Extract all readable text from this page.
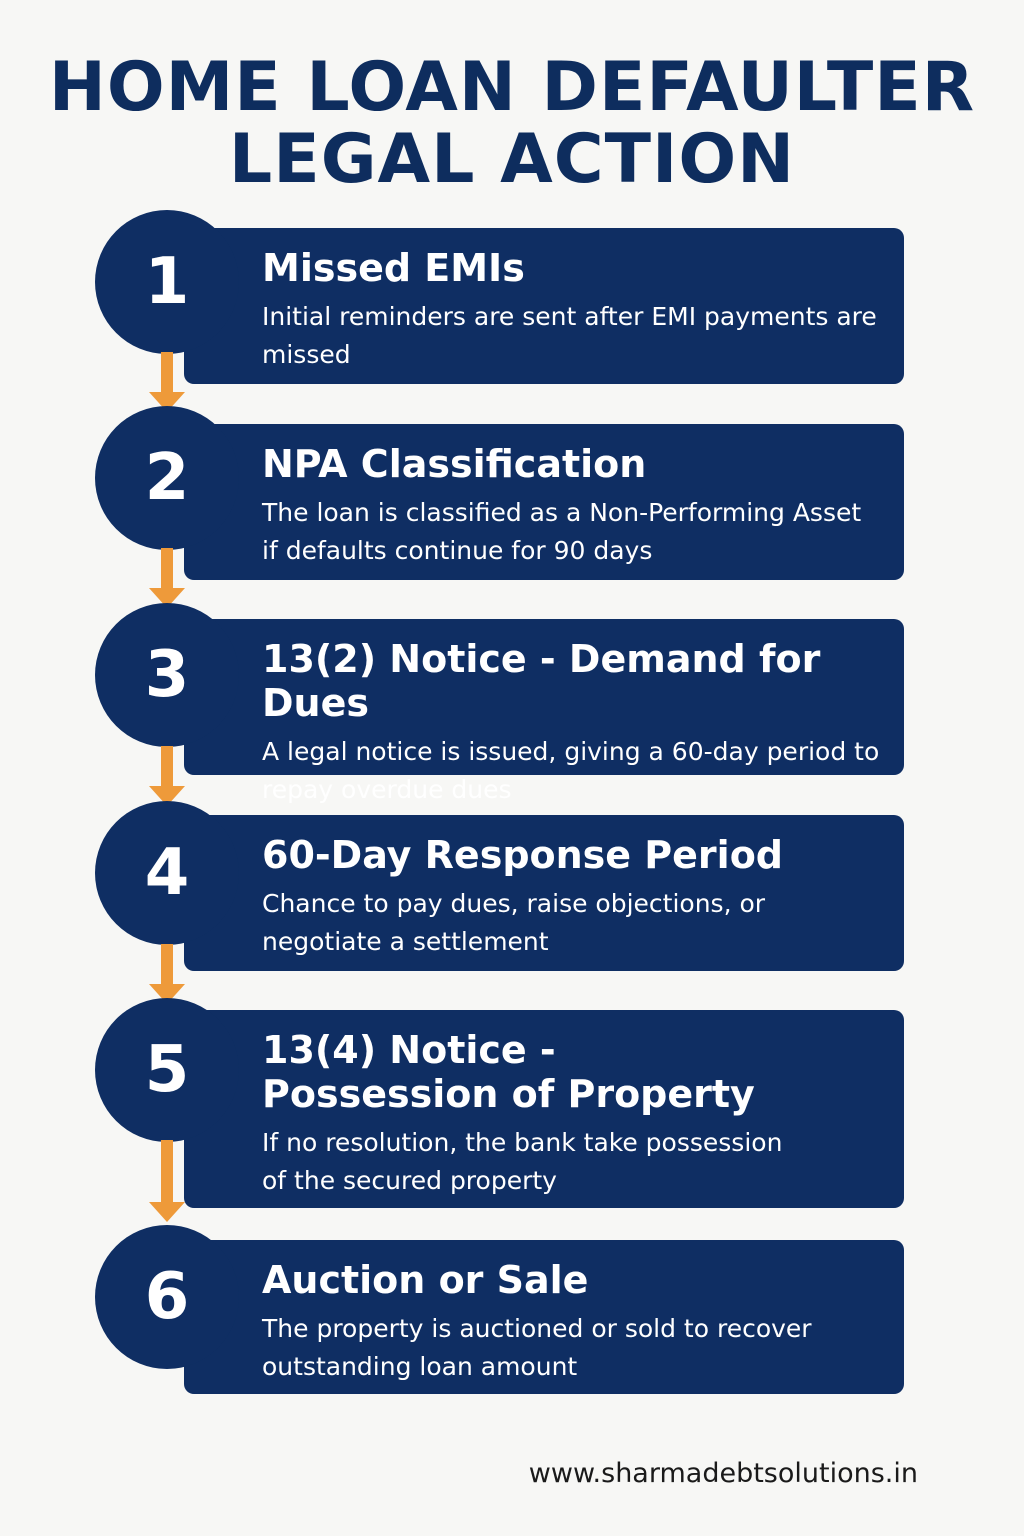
HOME LOAN DEFAULTER
LEGAL ACTION
Missed EMIs
Initial reminders are sent after EMI payments are missed
1
NPA Classification
The loan is classified as a Non-Performing Asset if defaults continue for 90 days
2
13(2) Notice - Demand for Dues
A legal notice is issued, giving a 60-day period to repay overdue dues
3
60-Day Response Period
Chance to pay dues, raise objections, or negotiate a settlement
4
13(4) Notice - Possession of Property
If no resolution, the bank take possession of the secured property
5
Auction or Sale
The property is auctioned or sold to recover outstanding loan amount
6
www.sharmadebtsolutions.in
